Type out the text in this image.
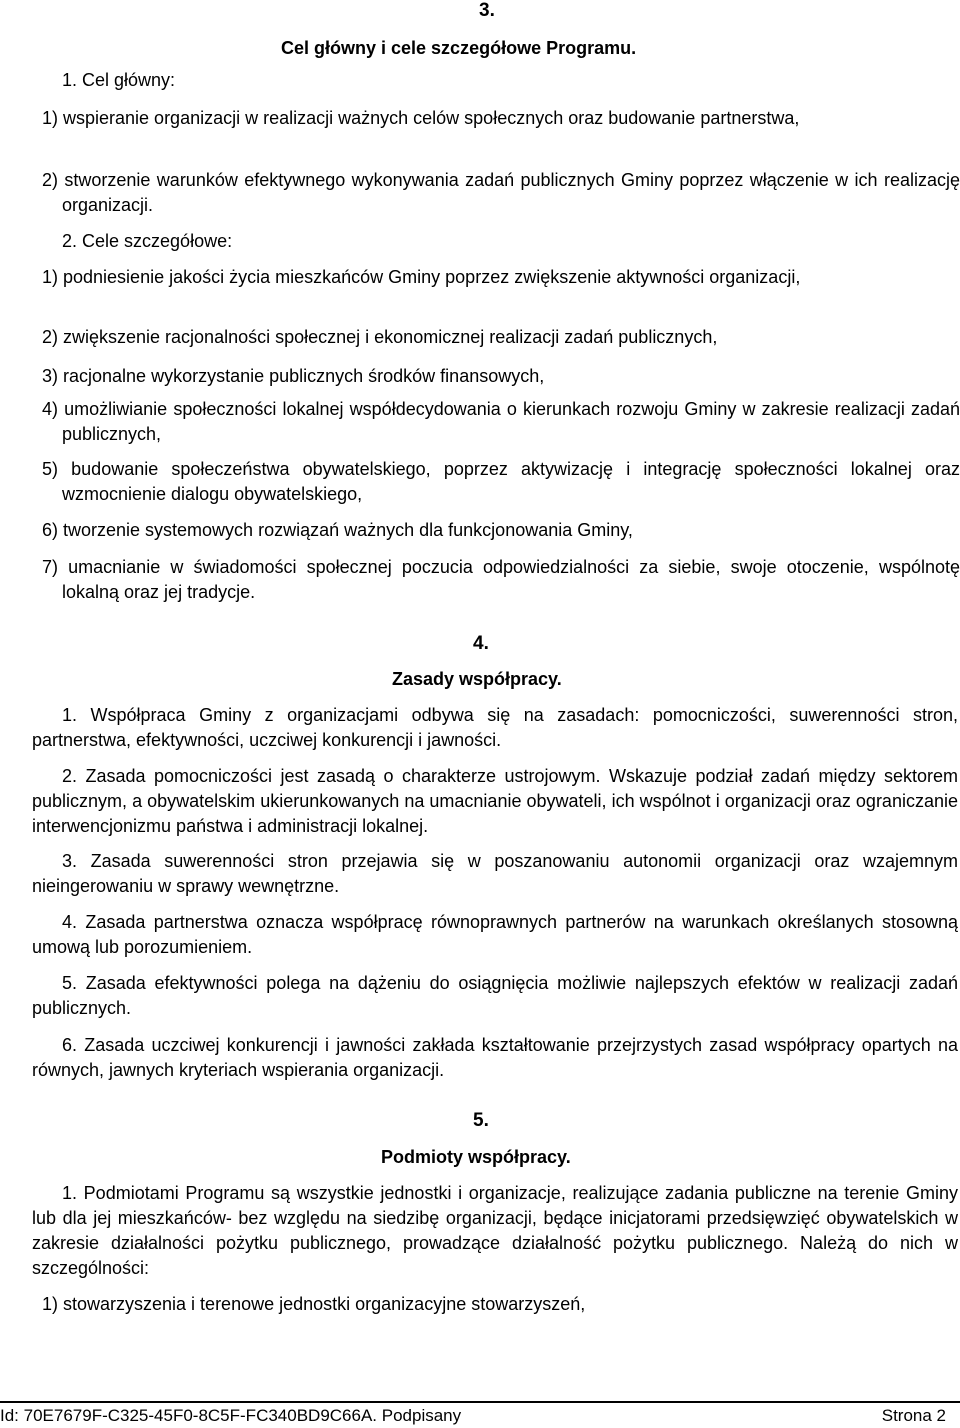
3.
Cel główny i cele szczegółowe Programu.
1. Cel główny:
1) wspieranie organizacji w realizacji ważnych celów społecznych oraz budowanie partnerstwa,
2) stworzenie warunków efektywnego wykonywania zadań publicznych Gminy poprzez włączenie w ich realizację organizacji.
2. Cele szczegółowe:
1) podniesienie jakości życia mieszkańców Gminy poprzez zwiększenie aktywności organizacji,
2) zwiększenie racjonalności społecznej i ekonomicznej realizacji zadań publicznych,
3) racjonalne wykorzystanie publicznych środków finansowych,
4) umożliwianie społeczności lokalnej współdecydowania o kierunkach rozwoju Gminy w zakresie realizacji zadań publicznych,
5) budowanie społeczeństwa obywatelskiego, poprzez aktywizację i integrację społeczności lokalnej oraz wzmocnienie dialogu obywatelskiego,
6) tworzenie systemowych rozwiązań ważnych dla funkcjonowania Gminy,
7) umacnianie w świadomości społecznej poczucia odpowiedzialności za siebie, swoje otoczenie, wspólnotę lokalną oraz jej tradycje.
4.
Zasady współpracy.
1. Współpraca Gminy z organizacjami odbywa się na zasadach: pomocniczości, suwerenności stron, partnerstwa, efektywności, uczciwej konkurencji i jawności.
2. Zasada pomocniczości jest zasadą o charakterze ustrojowym. Wskazuje podział zadań między sektorem publicznym, a obywatelskim ukierunkowanych na umacnianie obywateli, ich wspólnot i organizacji oraz ograniczanie interwencjonizmu państwa i administracji lokalnej.
3. Zasada suwerenności stron przejawia się w poszanowaniu autonomii organizacji oraz wzajemnym nieingerowaniu w sprawy wewnętrzne.
4. Zasada partnerstwa oznacza współpracę równoprawnych partnerów na warunkach określanych stosowną umową lub porozumieniem.
5. Zasada efektywności polega na dążeniu do osiągnięcia możliwie najlepszych efektów w realizacji zadań publicznych.
6. Zasada uczciwej konkurencji i jawności zakłada kształtowanie przejrzystych zasad współpracy opartych na równych, jawnych kryteriach wspierania organizacji.
5.
Podmioty współpracy.
1. Podmiotami Programu są wszystkie jednostki i organizacje, realizujące zadania publiczne na terenie Gminy lub dla jej mieszkańców- bez względu na siedzibę organizacji, będące inicjatorami przedsięwzięć obywatelskich w zakresie działalności pożytku publicznego, prowadzące działalność pożytku publicznego. Należą do nich w szczególności:
1) stowarzyszenia i terenowe jednostki organizacyjne stowarzyszeń,
Id: 70E7679F-C325-45F0-8C5F-FC340BD9C66A. Podpisany	Strona 2
